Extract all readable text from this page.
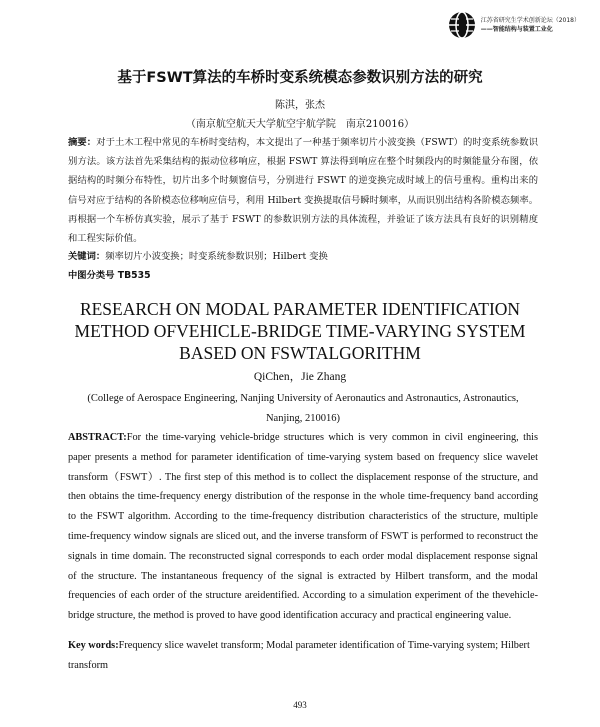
江苏省研究生学术创新论坛（2018）
——智能结构与装置工业化
基于FSWT算法的车桥时变系统模态参数识别方法的研究
陈淇，张杰
（南京航空航天大学航空宇航学院　南京210016）

摘要：对于土木工程中常见的车桥时变结构，本文提出了一种基于频率切片小波变换（FSWT）的时变系统参数识别方法。该方法首先采集结构的振动位移响应，根据 FSWT 算法得到响应在整个时频段内的时频能量分布图，依据结构的时频分布特性，切片出多个时频窗信号，分别进行 FSWT 的逆变换完成时域上的信号重构。重构出来的信号对应于结构的各阶模态位移响应信号，利用 Hilbert 变换提取信号瞬时频率，从而识别出结构各阶模态频率。再根据一个车桥仿真实验，展示了基于 FSWT 的参数识别方法的具体流程，并验证了该方法具有良好的识别精度和工程实际价值。

关键词：频率切片小波变换；时变系统参数识别；Hilbert 变换
中图分类号 TB535
RESEARCH ON MODAL PARAMETER IDENTIFICATION
METHOD OFVEHICLE-BRIDGE TIME-VARYING SYSTEM
BASED ON FSWTALGORITHM
QiChen，Jie Zhang
(College of Aerospace Engineering, Nanjing University of Aeronautics and Astronautics, Astronautics, Nanjing, 210016)

ABSTRACT:For the time-varying vehicle-bridge structures which is very common in civil engineering, this paper presents a method for parameter identification of time-varying system based on frequency slice wavelet transform（FSWT）. The first step of this method is to collect the displacement response of the structure, and then obtains the time-frequency energy distribution of the response in the whole time-frequency band according to the FSWT algorithm. According to the time-frequency distribution characteristics of the structure, multiple time-frequency window signals are sliced out, and the inverse transform of FSWT is performed to reconstruct the signals in time domain. The reconstructed signal corresponds to each order modal displacement response signal of the structure. The instantaneous frequency of the signal is extracted by Hilbert transform, and the modal frequencies of each order of the structure areidentified. According to a simulation experiment of the thevehicle-bridge structure, the method is proved to have good identification accuracy and practical engineering value.

Key words:Frequency slice wavelet transform; Modal parameter identification of Time-varying system; Hilbert transform
493
